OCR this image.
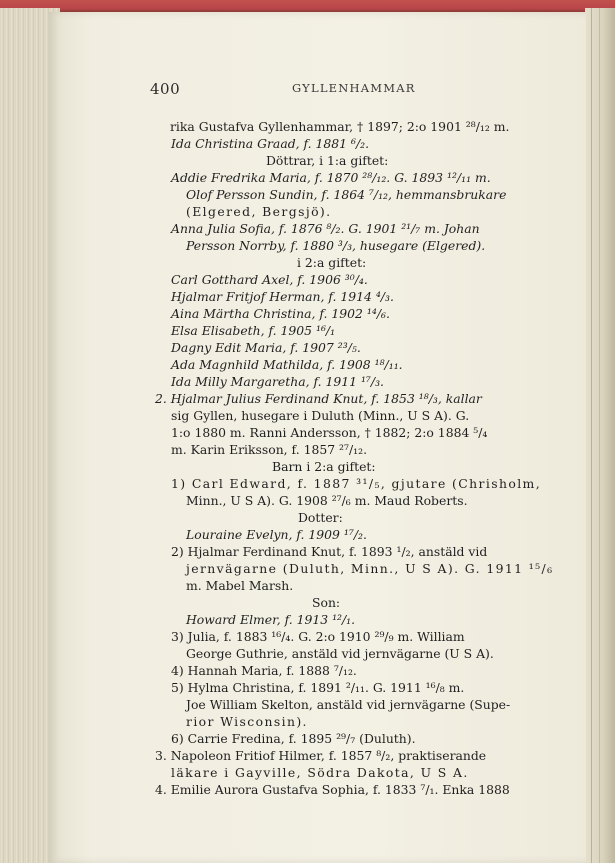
400	GYLLENHAMMAR
rika Gustafva Gyllenhammar, † 1897; 2:o 1901 ²⁸/₁₂ m.
Ida Christina Graad, f. 1881 ⁶/₂.
Döttrar, i 1:a giftet:
Addie Fredrika Maria, f. 1870 ²⁸/₁₂. G. 1893 ¹²/₁₁ m.
Olof Persson Sundin, f. 1864 ⁷/₁₂, hemmansbrukare
(Elgered, Bergsjö).
Anna Julia Sofia, f. 1876 ⁸/₂. G. 1901 ²¹/₇ m. Johan
Persson Norrby, f. 1880 ³/₃, husegare (Elgered).
i 2:a giftet:
Carl Gotthard Axel, f. 1906 ³⁰/₄.
Hjalmar Fritjof Herman, f. 1914 ⁴/₃.
Aina Märtha Christina, f. 1902 ¹⁴/₆.
Elsa Elisabeth, f. 1905 ¹⁶/₁
Dagny Edit Maria, f. 1907 ²³/₅.
Ada Magnhild Mathilda, f. 1908 ¹⁸/₁₁.
Ida Milly Margaretha, f. 1911 ¹⁷/₃.
2. Hjalmar Julius Ferdinand Knut, f. 1853 ¹⁸/₃, kallar
sig Gyllen, husegare i Duluth (Minn., U S A). G.
1:o 1880 m. Ranni Andersson, † 1882; 2:o 1884 ⁵/₄
m. Karin Eriksson, f. 1857 ²⁷/₁₂.
Barn i 2:a giftet:
1) Carl Edward, f. 1887 ³¹/₅, gjutare (Chrisholm,
Minn., U S A). G. 1908 ²⁷/₆ m. Maud Roberts.
Dotter:
Louraine Evelyn, f. 1909 ¹⁷/₂.
2) Hjalmar Ferdinand Knut, f. 1893 ¹/₂, anstäld vid
jernvägarne (Duluth, Minn., U S A). G. 1911 ¹⁵/₆
m. Mabel Marsh.
Son:
Howard Elmer, f. 1913 ¹²/₁.
3) Julia, f. 1883 ¹⁶/₄. G. 2:o 1910 ²⁹/₉ m. William
George Guthrie, anstäld vid jernvägarne (U S A).
4) Hannah Maria, f. 1888 ⁷/₁₂.
5) Hylma Christina, f. 1891 ²/₁₁. G. 1911 ¹⁶/₈ m.
Joe William Skelton, anstäld vid jernvägarne (Supe-
rior Wisconsin).
6) Carrie Fredina, f. 1895 ²⁹/₇ (Duluth).
3. Napoleon Fritiof Hilmer, f. 1857 ⁸/₂, praktiserande
läkare i Gayville, Södra Dakota, U S A.
4. Emilie Aurora Gustafva Sophia, f. 1833 ⁷/₁. Enka 1888
